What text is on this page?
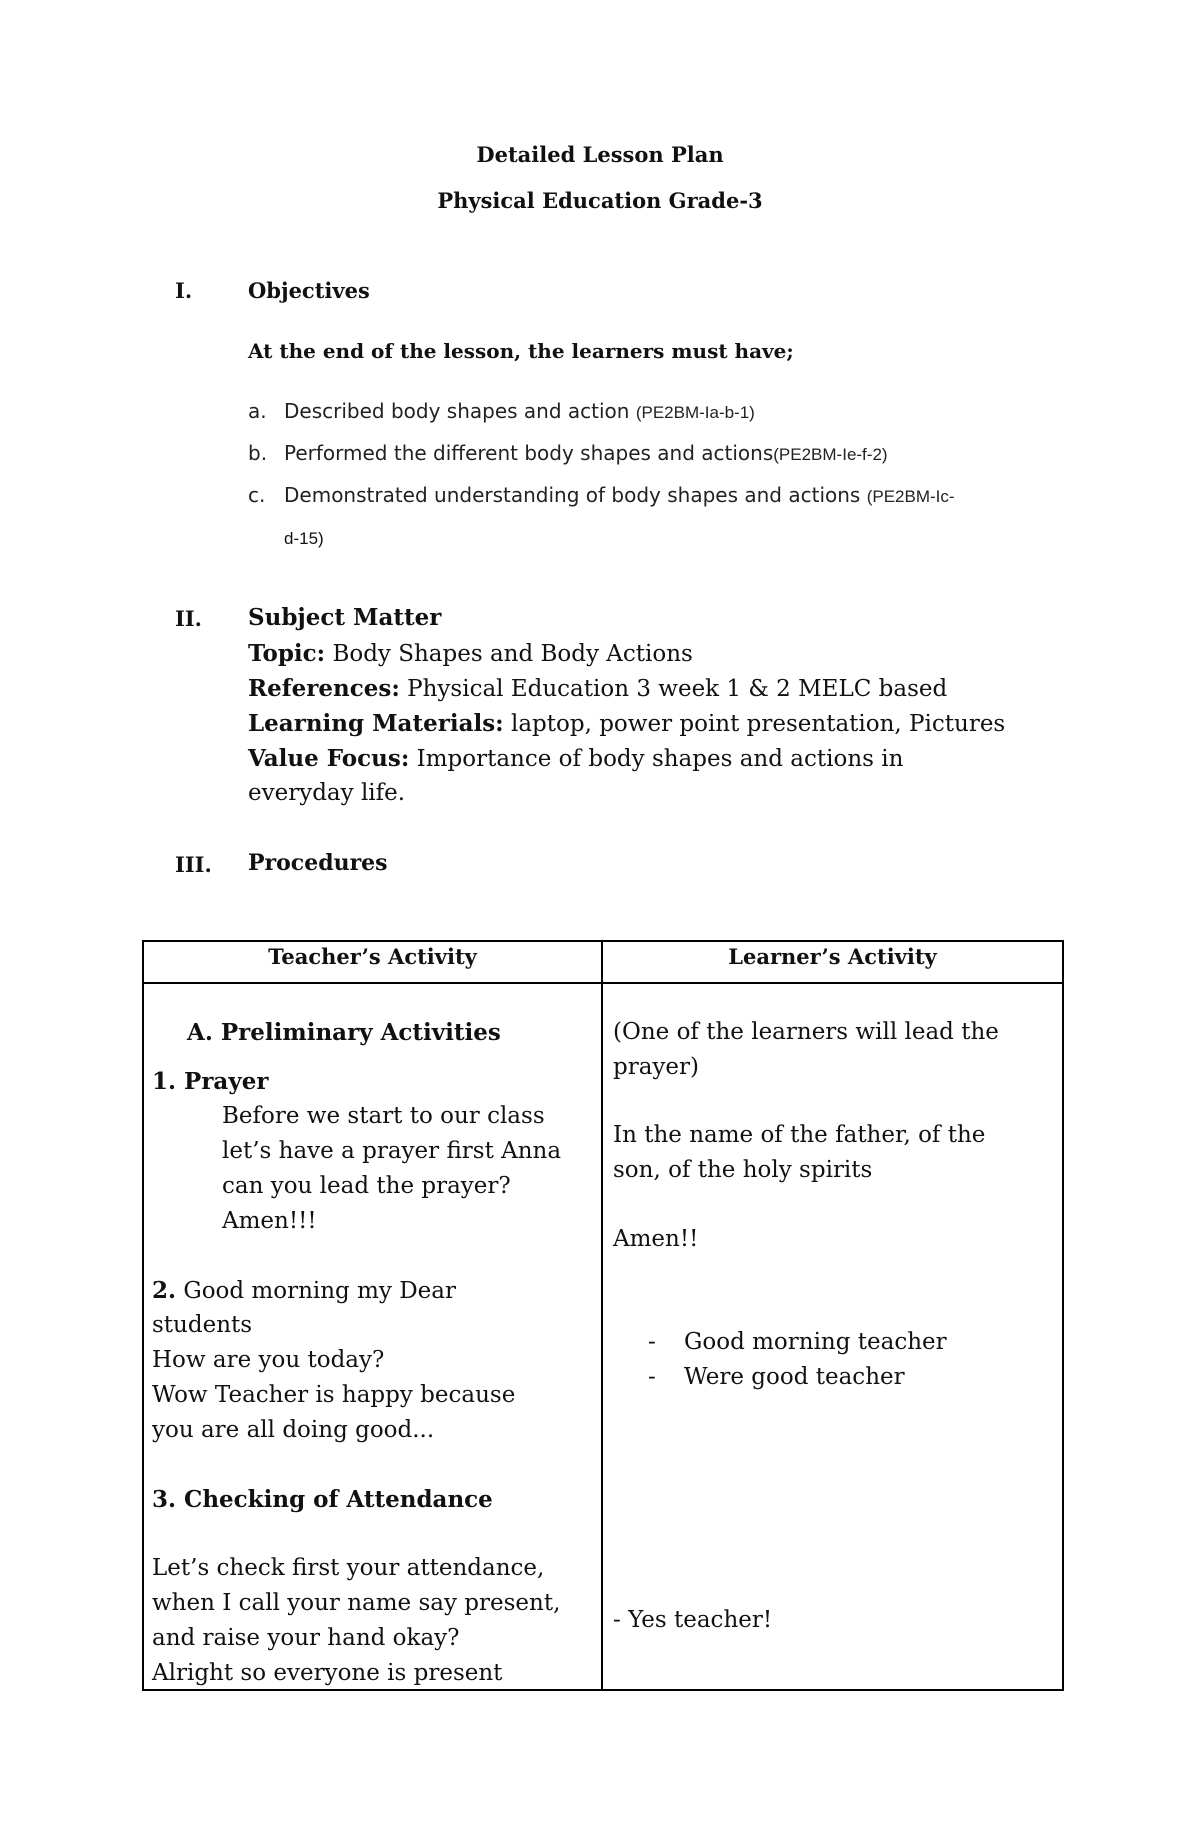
Detailed Lesson Plan
Physical Education Grade-3
I.	Objectives
At the end of the lesson, the learners must have;
a. Described body shapes and action (PE2BM-Ia-b-1)
b. Performed the different body shapes and actions(PE2BM-Ie-f-2)
c. Demonstrated understanding of body shapes and actions (PE2BM-Ic-
d-15)
II. Subject Matter
Topic: Body Shapes and Body Actions
References: Physical Education 3 week 1 & 2 MELC based
Learning Materials: laptop, power point presentation, Pictures
Value Focus: Importance of body shapes and actions in
everyday life.
III. Procedures
Teacher’s Activity	Learner’s Activity
A. Preliminary Activities
1. Prayer
Before we start to our class
let’s have a prayer first Anna
can you lead the prayer?
Amen!!!
2. Good morning my Dear
students
How are you today?
Wow Teacher is happy because
you are all doing good...
3. Checking of Attendance
Let’s check first your attendance,
when I call your name say present,
and raise your hand okay?
Alright so everyone is present
(One of the learners will lead the
prayer)
In the name of the father, of the
son, of the holy spirits
Amen!!
- Good morning teacher
- Were good teacher
- Yes teacher!
